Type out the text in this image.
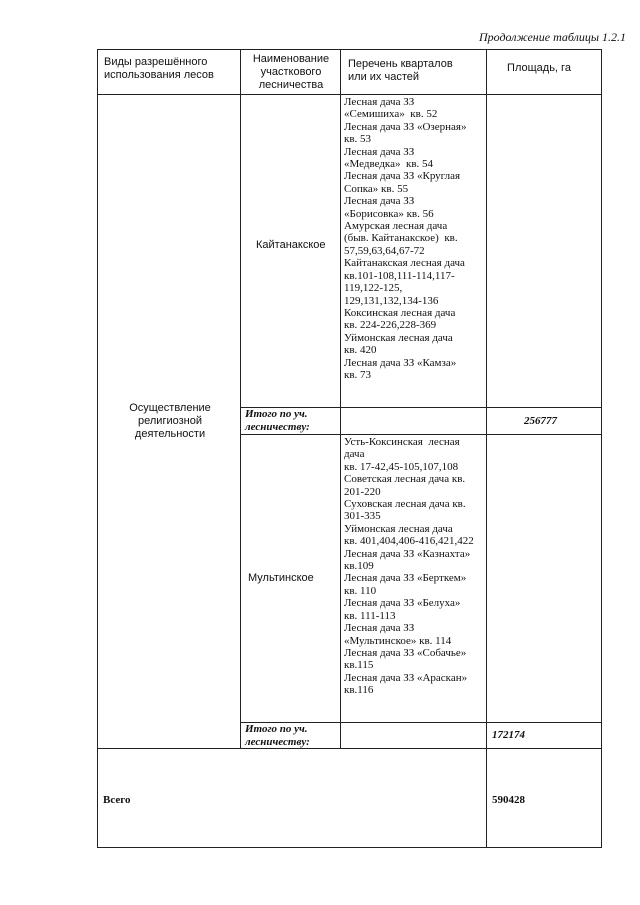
Продолжение таблицы 1.2.1
Виды разрешённого использования лесов
Наименование участкового лесничества
Перечень кварталов или их частей
Площадь, га
Осуществление религиозной деятельности
Кайтанакское
Лесная дача ЗЗ
«Семишиха»  кв. 52
Лесная дача ЗЗ «Озерная»
кв. 53
Лесная дача ЗЗ
«Медведка»  кв. 54
Лесная дача ЗЗ «Круглая
Сопка» кв. 55
Лесная дача ЗЗ
«Борисовка» кв. 56
Амурская лесная дача
(быв. Кайтанакское)  кв.
57,59,63,64,67-72
Кайтанакская лесная дача
кв.101-108,111-114,117-
119,122-125,
129,131,132,134-136
Коксинская лесная дача
кв. 224-226,228-369
Уймонская лесная дача
кв. 420
Лесная дача ЗЗ «Камза»
кв. 73
Итого по уч. лесничеству:	256777
Мультинское
Усть-Коксинская  лесная
дача
кв. 17-42,45-105,107,108
Советская лесная дача кв.
201-220
Суховская лесная дача кв.
301-335
Уймонская лесная дача
кв. 401,404,406-416,421,422
Лесная дача ЗЗ «Казнахта»
кв.109
Лесная дача ЗЗ «Берткем»
кв. 110
Лесная дача ЗЗ «Белуха»
кв. 111-113
Лесная дача ЗЗ
«Мультинское» кв. 114
Лесная дача ЗЗ «Собачье»
кв.115
Лесная дача ЗЗ «Араскан»
кв.116
Итого по уч. лесничеству:
172174
Всего	590428
